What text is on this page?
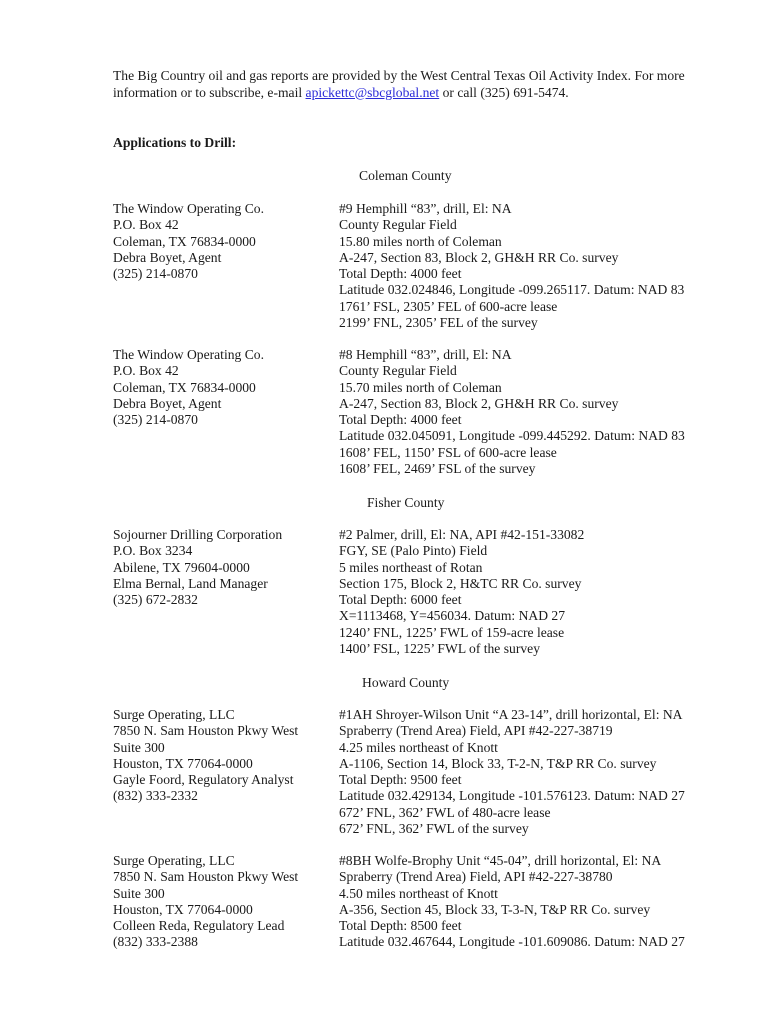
The Big Country oil and gas reports are provided by the West Central Texas Oil Activity Index. For more information or to subscribe, e-mail apickettc@sbcglobal.net or call (325) 691-5474.
Applications to Drill:
Coleman County
The Window Operating Co.
P.O. Box 42
Coleman, TX 76834-0000
Debra Boyet, Agent
(325) 214-0870
#9 Hemphill “83”, drill, El: NA
County Regular Field
15.80 miles north of Coleman
A-247, Section 83, Block 2, GH&H RR Co. survey
Total Depth: 4000 feet
Latitude 032.024846, Longitude -099.265117. Datum: NAD 83
1761’ FSL, 2305’ FEL of 600-acre lease
2199’ FNL, 2305’ FEL of the survey
The Window Operating Co.
P.O. Box 42
Coleman, TX 76834-0000
Debra Boyet, Agent
(325) 214-0870
#8 Hemphill “83”, drill, El: NA
County Regular Field
15.70 miles north of Coleman
A-247, Section 83, Block 2, GH&H RR Co. survey
Total Depth: 4000 feet
Latitude 032.045091, Longitude -099.445292. Datum: NAD 83
1608’ FEL, 1150’ FSL of 600-acre lease
1608’ FEL, 2469’ FSL of the survey
Fisher County
Sojourner Drilling Corporation
P.O. Box 3234
Abilene, TX 79604-0000
Elma Bernal, Land Manager
(325) 672-2832
#2 Palmer, drill, El: NA, API #42-151-33082
FGY, SE (Palo Pinto) Field
5 miles northeast of Rotan
Section 175, Block 2, H&TC RR Co. survey
Total Depth: 6000 feet
X=1113468, Y=456034. Datum: NAD 27
1240’ FNL, 1225’ FWL of 159-acre lease
1400’ FSL, 1225’ FWL of the survey
Howard County
Surge Operating, LLC
7850 N. Sam Houston Pkwy West
Suite 300
Houston, TX 77064-0000
Gayle Foord, Regulatory Analyst
(832) 333-2332
#1AH Shroyer-Wilson Unit “A 23-14”, drill horizontal, El: NA
Spraberry (Trend Area) Field, API #42-227-38719
4.25 miles northeast of Knott
A-1106, Section 14, Block 33, T-2-N, T&P RR Co. survey
Total Depth: 9500 feet
Latitude 032.429134, Longitude -101.576123. Datum: NAD 27
672’ FNL, 362’ FWL of 480-acre lease
672’ FNL, 362’ FWL of the survey
Surge Operating, LLC
7850 N. Sam Houston Pkwy West
Suite 300
Houston, TX 77064-0000
Colleen Reda, Regulatory Lead
(832) 333-2388
#8BH Wolfe-Brophy Unit “45-04”, drill horizontal, El: NA
Spraberry (Trend Area) Field, API #42-227-38780
4.50 miles northeast of Knott
A-356, Section 45, Block 33, T-3-N, T&P RR Co. survey
Total Depth: 8500 feet
Latitude 032.467644, Longitude -101.609086. Datum: NAD 27
